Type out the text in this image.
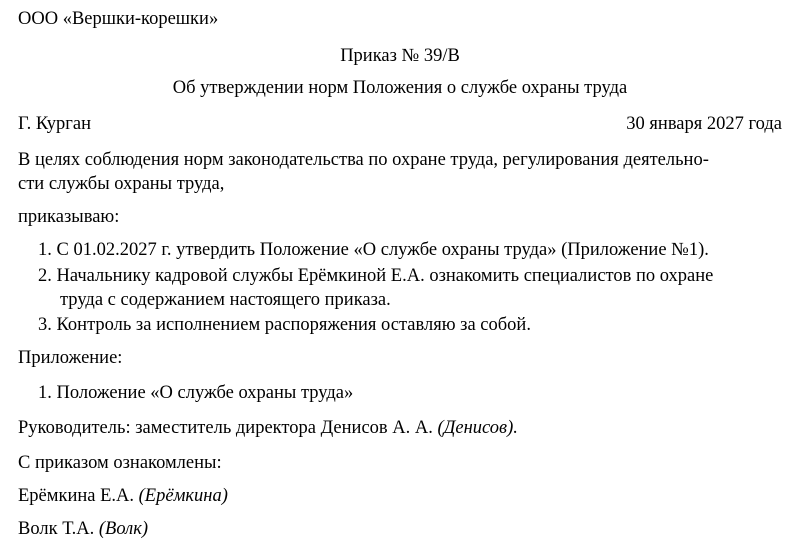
ООО «Вершки-корешки»
Приказ № 39/В
Об утверждении норм Положения о службе охраны труда
Г. Курган	30 января 2027 года
В целях соблюдения норм законодательства по охране труда, регулирования деятельно-
сти службы охраны труда,
приказываю:
1. С 01.02.2027 г. утвердить Положение «О службе охраны труда» (Приложение №1).
2. Начальнику кадровой службы Ерёмкиной Е.А. ознакомить специалистов по охране
труда с содержанием настоящего приказа.
3. Контроль за исполнением распоряжения оставляю за собой.
Приложение:
1. Положение «О службе охраны труда»
Руководитель: заместитель директора Денисов А. А. (Денисов).
С приказом ознакомлены:
Ерёмкина Е.А. (Ерёмкина)
Волк Т.А. (Волк)
